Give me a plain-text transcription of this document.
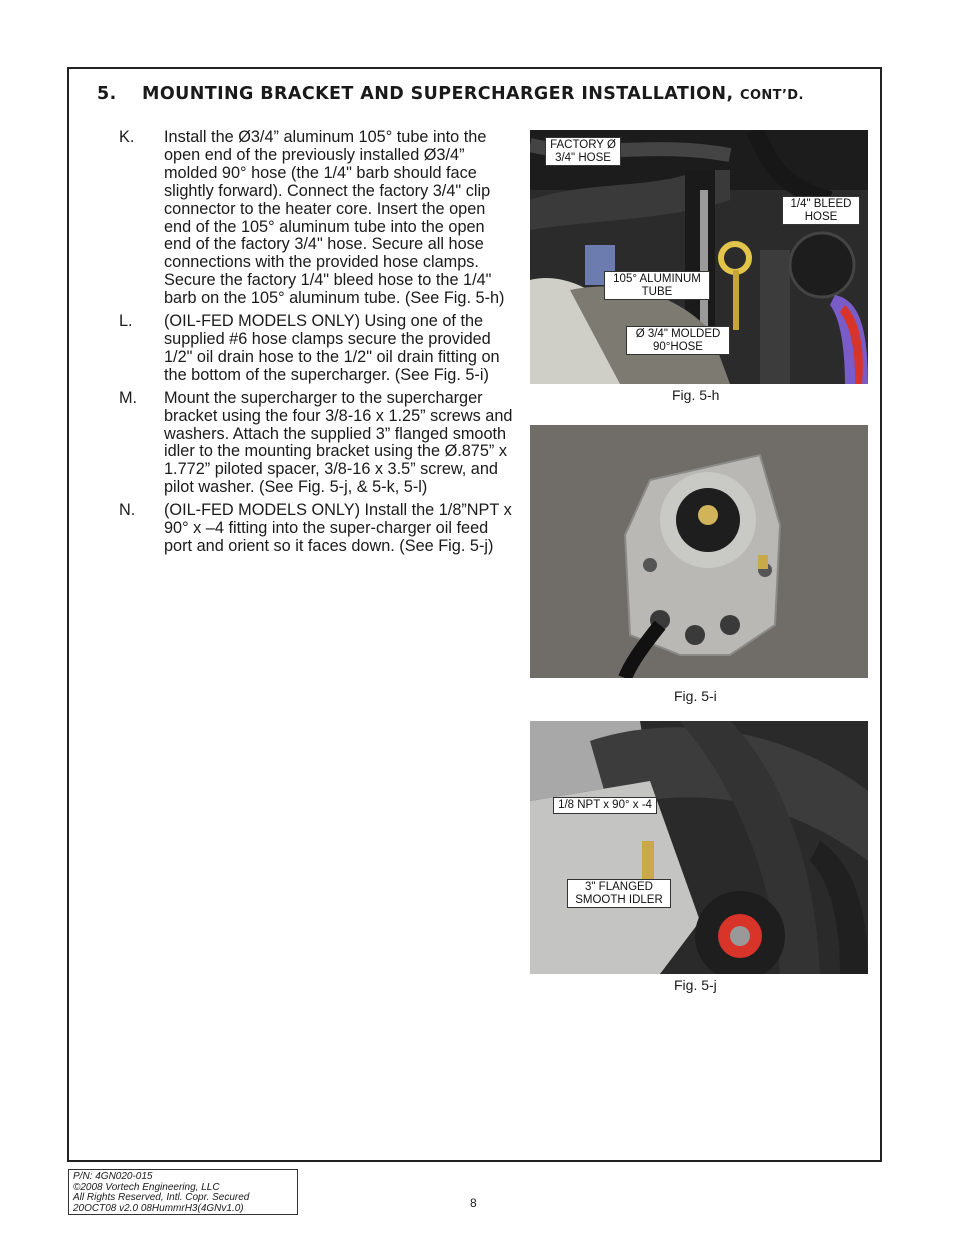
5. MOUNTING BRACKET AND SUPERCHARGER INSTALLATION, CONT’D.
K.	Install the Ø3/4” aluminum 105° tube into the open end of the previously installed Ø3/4” molded 90° hose (the 1/4" barb should face slightly forward). Connect the factory 3/4" clip connector to the heater core. Insert the open end of the 105° aluminum tube into the open end of the factory 3/4" hose. Secure all hose connections with the provided hose clamps. Secure the factory 1/4" bleed hose to the 1/4" barb on the 105° aluminum tube. (See Fig. 5-h)
L.	(OIL-FED MODELS ONLY) Using one of the supplied #6 hose clamps secure the provided 1/2" oil drain hose to the 1/2" oil drain fitting on the bottom of the supercharger. (See Fig. 5-i)
M.	Mount the supercharger to the supercharger bracket using the four 3/8-16 x 1.25” screws and washers. Attach the supplied 3” flanged smooth idler to the mounting bracket using the Ø.875” x 1.772” piloted spacer, 3/8-16 x 3.5” screw, and pilot washer. (See Fig. 5-j, & 5-k, 5-l)
N.	(OIL-FED MODELS ONLY) Install the 1/8”NPT x 90° x –4 fitting into the super-charger oil feed port and orient so it faces down. (See Fig. 5-j)
FACTORY Ø 3/4" HOSE
1/4" BLEED HOSE
105° ALUMINUM TUBE
Ø 3/4" MOLDED 90°HOSE
Fig. 5-h
Fig. 5-i
1/8 NPT x 90° x -4
3" FLANGED SMOOTH IDLER
Fig. 5-j
P/N: 4GN020-015
©2008 Vortech Engineering, LLC
All Rights Reserved, Intl. Copr. Secured
20OCT08 v2.0 08HummrH3(4GNv1.0)	8
